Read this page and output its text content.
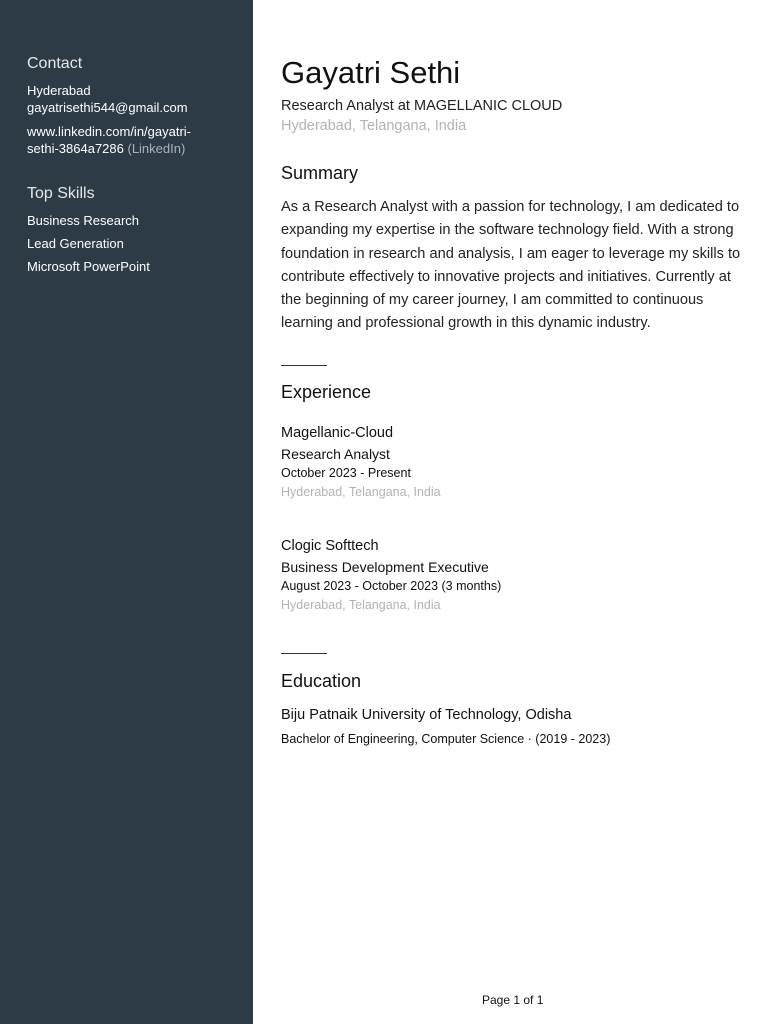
Contact
Hyderabad
gayatrisethi544@gmail.com
www.linkedin.com/in/gayatri-
sethi-3864a7286 (LinkedIn)
Top Skills
Business Research
Lead Generation
Microsoft PowerPoint
Gayatri Sethi
Research Analyst at MAGELLANIC CLOUD
Hyderabad, Telangana, India
Summary
As a Research Analyst with a passion for technology, I am dedicated to expanding my expertise in the software technology field. With a strong foundation in research and analysis, I am eager to leverage my skills to contribute effectively to innovative projects and initiatives. Currently at the beginning of my career journey, I am committed to continuous learning and professional growth in this dynamic industry.
Experience
Magellanic-Cloud
Research Analyst
October 2023 - Present
Hyderabad, Telangana, India
Clogic Softtech
Business Development Executive
August 2023 - October 2023 (3 months)
Hyderabad, Telangana, India
Education
Biju Patnaik University of Technology, Odisha
Bachelor of Engineering, Computer Science · (2019 - 2023)
Page 1 of 1
